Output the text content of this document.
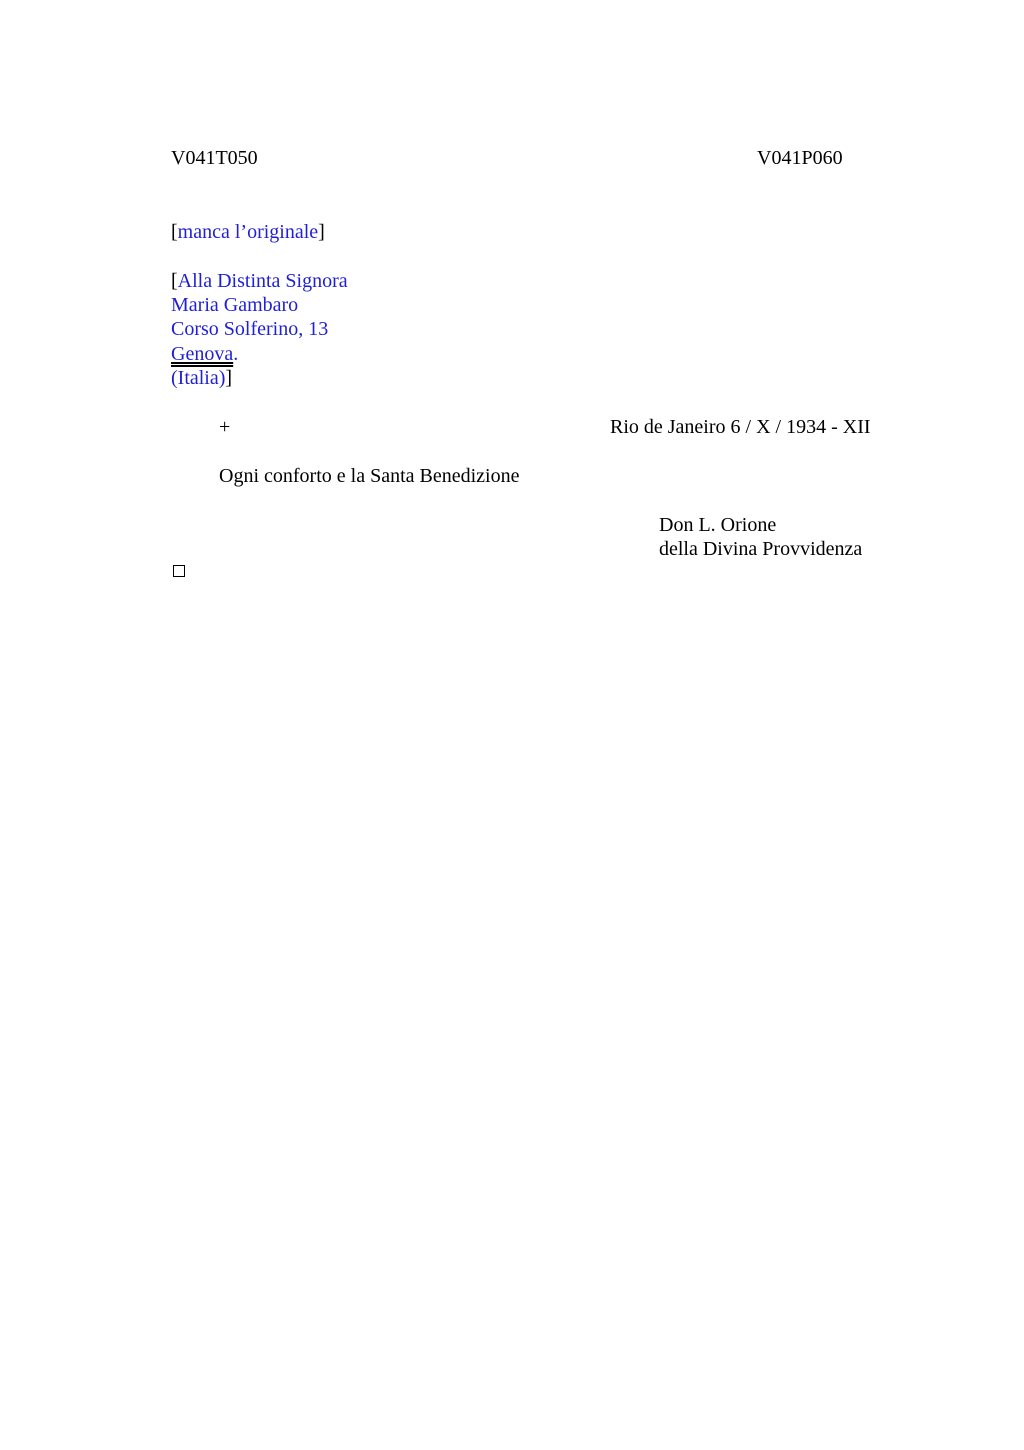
V041T050	V041P060
[manca l’originale]
[Alla Distinta Signora
Maria Gambaro
Corso Solferino, 13
Genova.
(Italia)]
+	Rio de Janeiro 6 / X / 1934 - XII
Ogni conforto e la Santa Benedizione
Don L. Orione
della Divina Provvidenza
